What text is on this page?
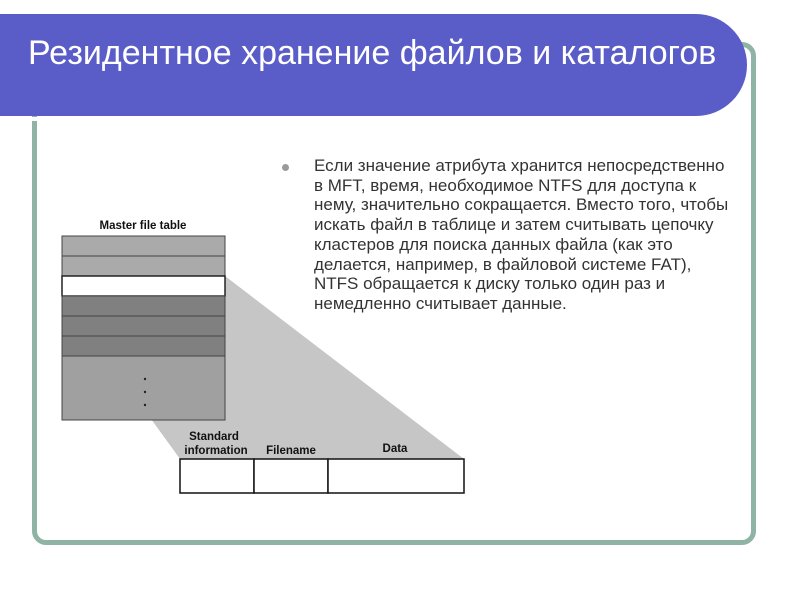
Резидентное хранение файлов и каталогов

Если значение атрибута хранится непосредственно в MFT, время, необходимое NTFS для доступа к нему, значительно сокращается. Вместо того, чтобы искать файл в таблице и затем считывать цепочку кластеров для поиска данных файла (как это делается, например, в файловой системе FAT), NTFS обращается к диску только один раз и немедленно считывает данные.

Master file table
Standard
information Filename	Data
